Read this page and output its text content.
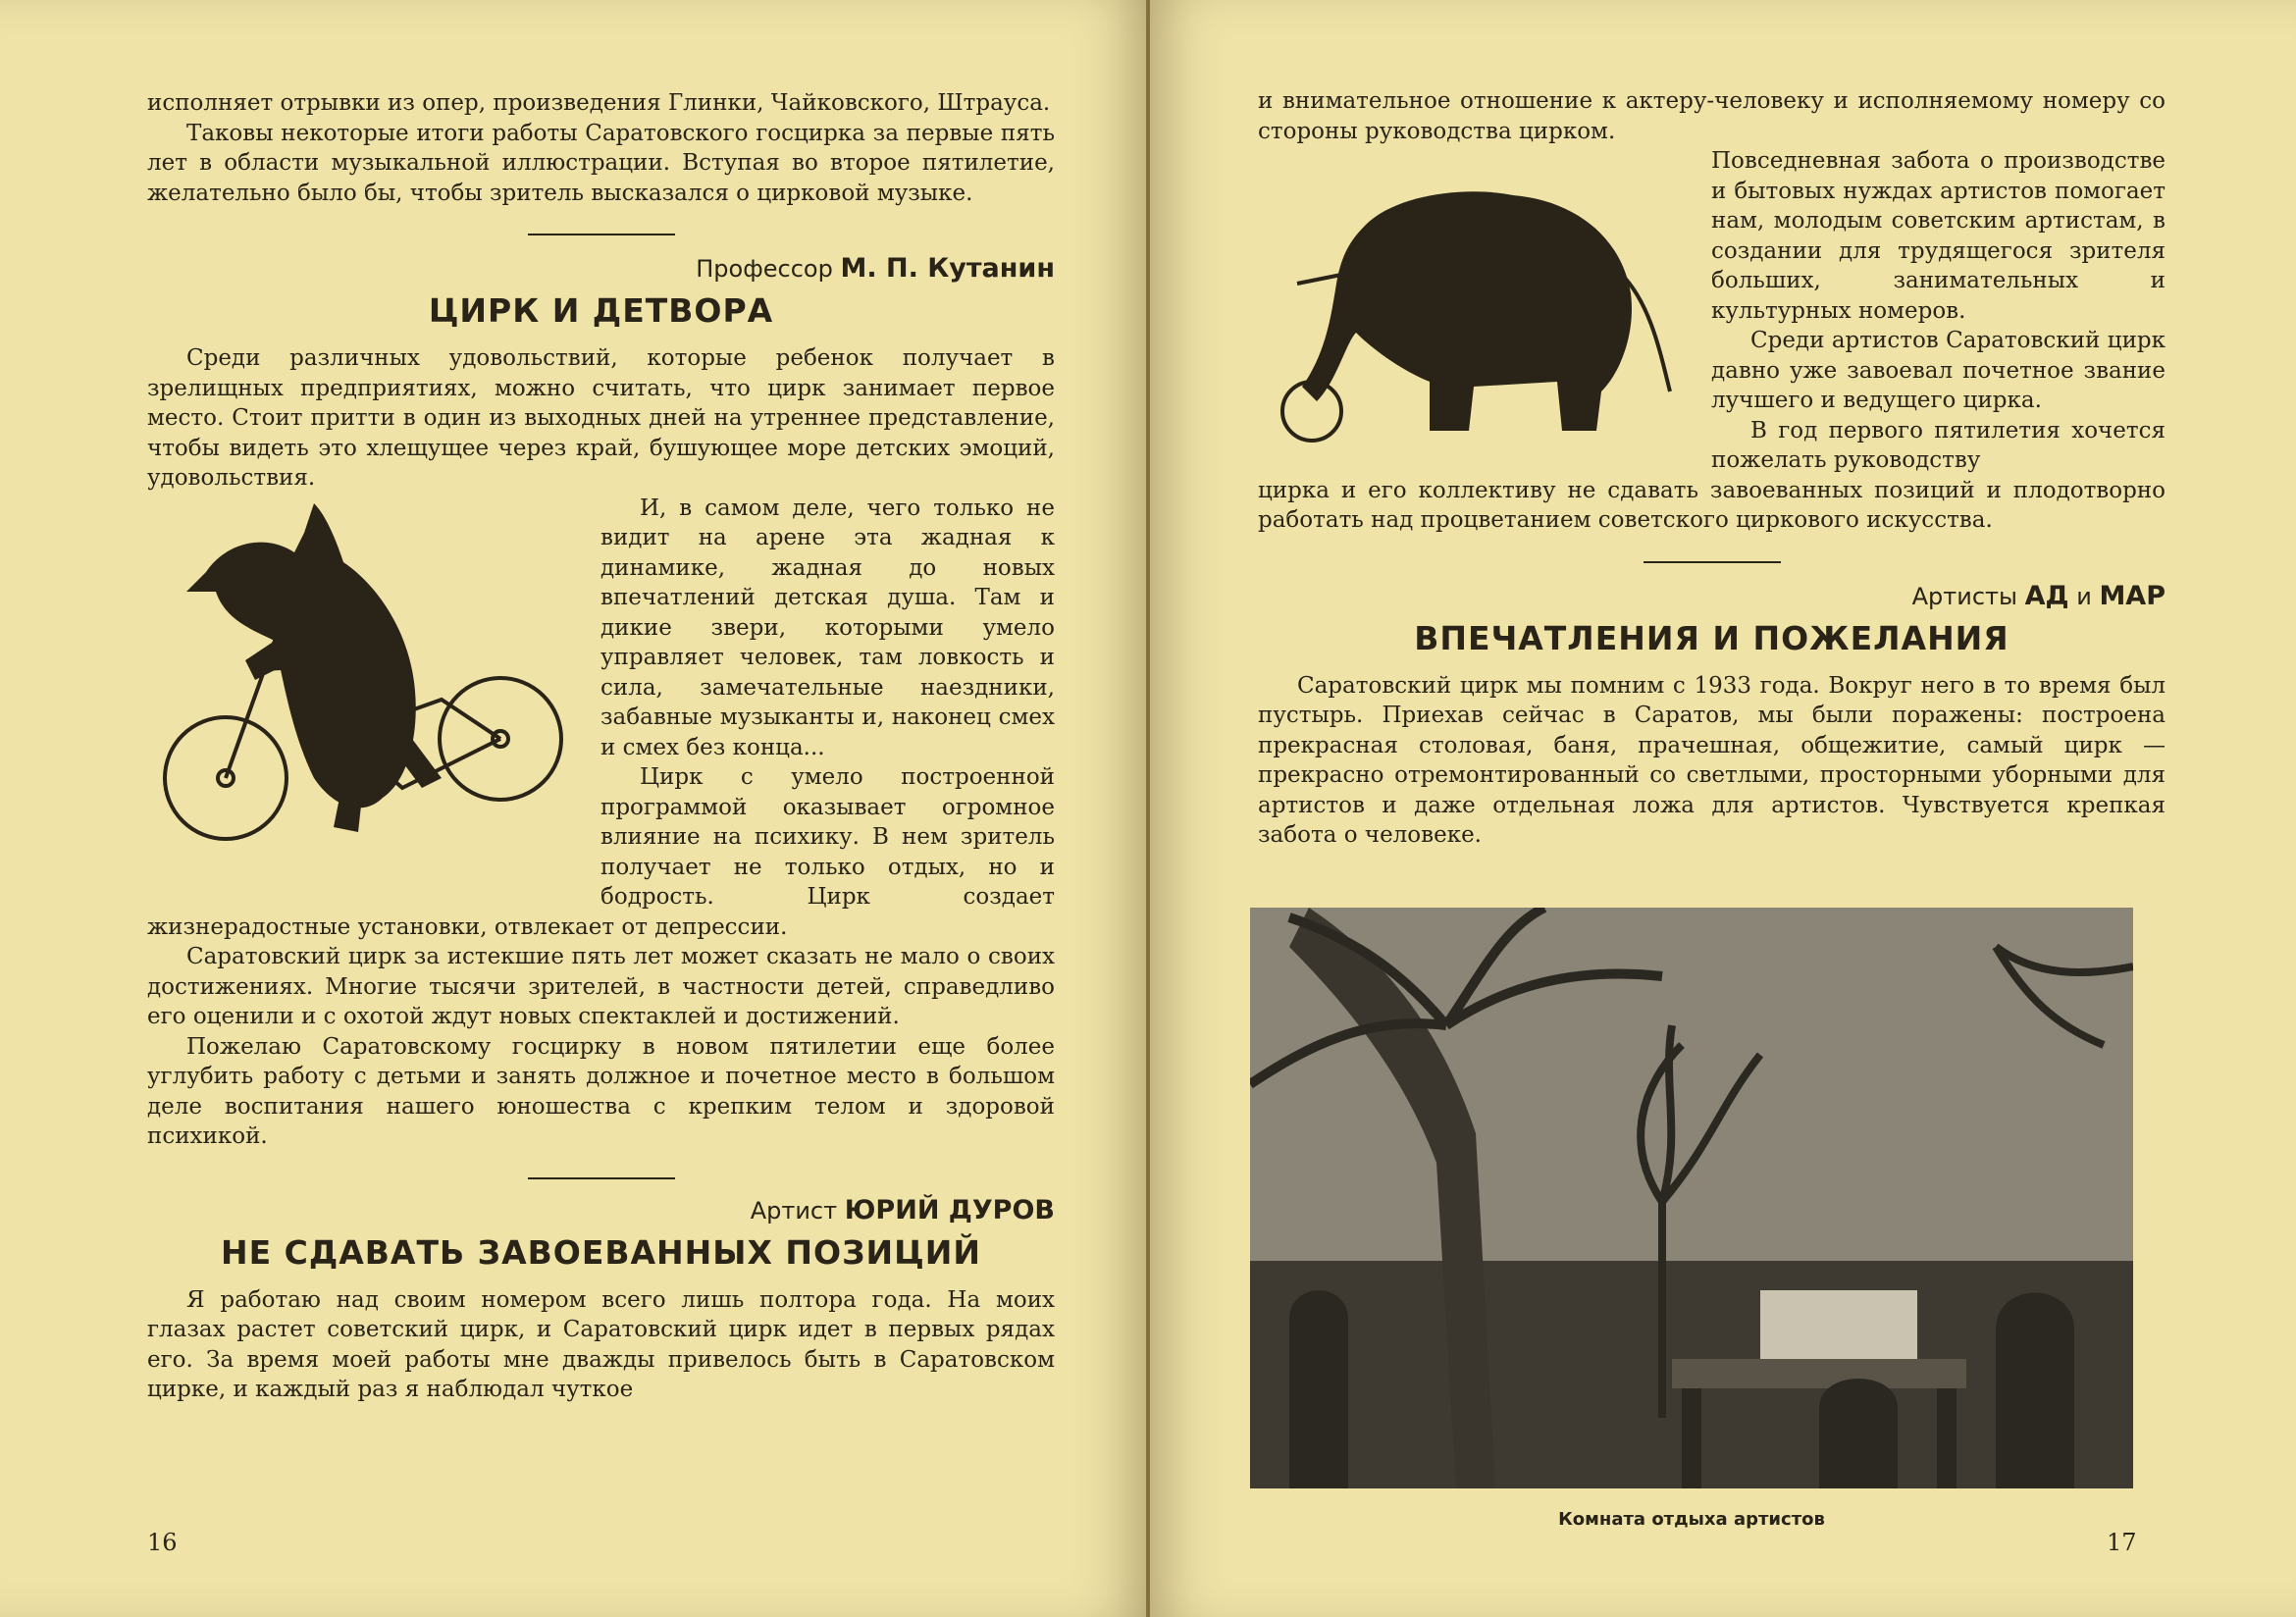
исполняет отрывки из опер, произведения Глинки, Чайковского, Штрауса.

Таковы некоторые итоги работы Саратовского госцирка за первые пять лет в области музыкальной иллюстрации. Вступая во второе пятилетие, желательно было бы, чтобы зритель высказался о цирковой музыке.

Профессор М. П. Кутанин
ЦИРК И ДЕТВОРА

Среди различных удовольствий, которые ребенок получает в зрелищных предприятиях, можно считать, что цирк занимает первое место. Стоит притти в один из выходных дней на утреннее представление, чтобы видеть это хлещущее через край, бушующее море детских эмоций, удовольствия.

И, в самом деле, чего только не видит на арене эта жадная к динамике, жадная до новых впечатлений детская душа. Там и дикие звери, которыми умело управляет человек, там ловкость и сила, замечательные наездники, забавные музыканты и, наконец смех и смех без конца...

Цирк с умело построенной программой оказывает огромное влияние на психику. В нем зритель получает не только отдых, но и бодрость. Цирк создает жизнерадостные установки, отвлекает от депрессии.

Саратовский цирк за истекшие пять лет может сказать не мало о своих достижениях. Многие тысячи зрителей, в частности детей, справедливо его оценили и с охотой ждут новых спектаклей и достижений.

Пожелаю Саратовскому госцирку в новом пятилетии еще более углубить работу с детьми и занять должное и почетное место в большом деле воспитания нашего юношества с крепким телом и здоровой психикой.

Артист ЮРИЙ ДУРОВ
НЕ СДАВАТЬ ЗАВОЕВАННЫХ ПОЗИЦИЙ

Я работаю над своим номером всего лишь полтора года. На моих глазах растет советский цирк, и Саратовский цирк идет в первых рядах его. За время моей работы мне дважды привелось быть в Саратовском цирке, и каждый раз я наблюдал чуткое

16

и внимательное отношение к актеру-человеку и исполняемому номеру со стороны руководства цирком.

Повседневная забота о производстве и бытовых нуждах артистов помогает нам, молодым советским артистам, в создании для трудящегося зрителя больших, занимательных и культурных номеров.

Среди артистов Саратовский цирк давно уже завоевал почетное звание лучшего и ведущего цирка.

В год первого пятилетия хочется пожелать руководству

цирка и его коллективу не сдавать завоеванных позиций и плодотворно работать над процветанием советского циркового искусства.

Артисты АД и МАР
ВПЕЧАТЛЕНИЯ И ПОЖЕЛАНИЯ

Саратовский цирк мы помним с 1933 года. Вокруг него в то время был пустырь. Приехав сейчас в Саратов, мы были поражены: построена прекрасная столовая, баня, прачешная, общежитие, самый цирк — прекрасно отремонтированный со светлыми, просторными уборными для артистов и даже отдельная ложа для артистов. Чувствуется крепкая забота о человеке.

Комната отдыха артистов
17
